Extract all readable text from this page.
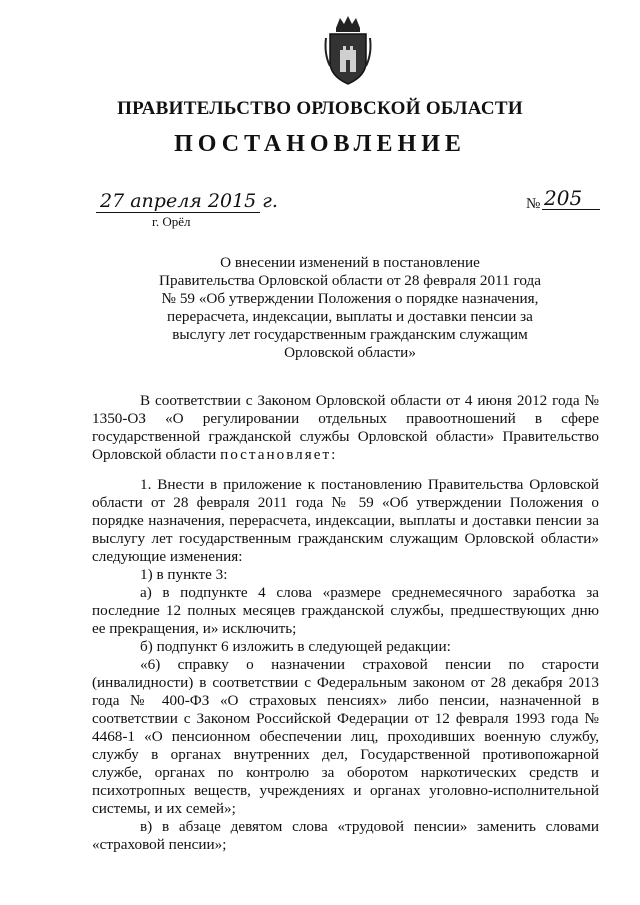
ПРАВИТЕЛЬСТВО ОРЛОВСКОЙ ОБЛАСТИ
ПОСТАНОВЛЕНИЕ
27 апреля 2015 г.
г. Орёл
№ 205
О внесении изменений в постановление
Правительства Орловской области от 28 февраля 2011 года
№ 59 «Об утверждении Положения о порядке назначения,
перерасчета, индексации, выплаты и доставки пенсии за
выслугу лет государственным гражданским служащим
Орловской области»

В соответствии с Законом Орловской области от 4 июня 2012 года № 1350-ОЗ «О регулировании отдельных правоотношений в сфере государственной гражданской службы Орловской области» Правительство Орловской области постановляет:

1. Внести в приложение к постановлению Правительства Орловской области от 28 февраля 2011 года № 59 «Об утверждении Положения о порядке назначения, перерасчета, индексации, выплаты и доставки пенсии за выслугу лет государственным гражданским служащим Орловской области» следующие изменения:

1) в пункте 3:

а) в подпункте 4 слова «размере среднемесячного заработка за последние 12 полных месяцев гражданской службы, предшествующих дню ее прекращения, и» исключить;

б) подпункт 6 изложить в следующей редакции:

«6) справку о назначении страховой пенсии по старости (инвалидности) в соответствии с Федеральным законом от 28 декабря 2013 года № 400-ФЗ «О страховых пенсиях» либо пенсии, назначенной в соответствии с Законом Российской Федерации от 12 февраля 1993 года № 4468-1 «О пенсионном обеспечении лиц, проходивших военную службу, службу в органах внутренних дел, Государственной противопожарной службе, органах по контролю за оборотом наркотических средств и психотропных веществ, учреждениях и органах уголовно-исполнительной системы, и их семей»;

в) в абзаце девятом слова «трудовой пенсии» заменить словами «страховой пенсии»;
